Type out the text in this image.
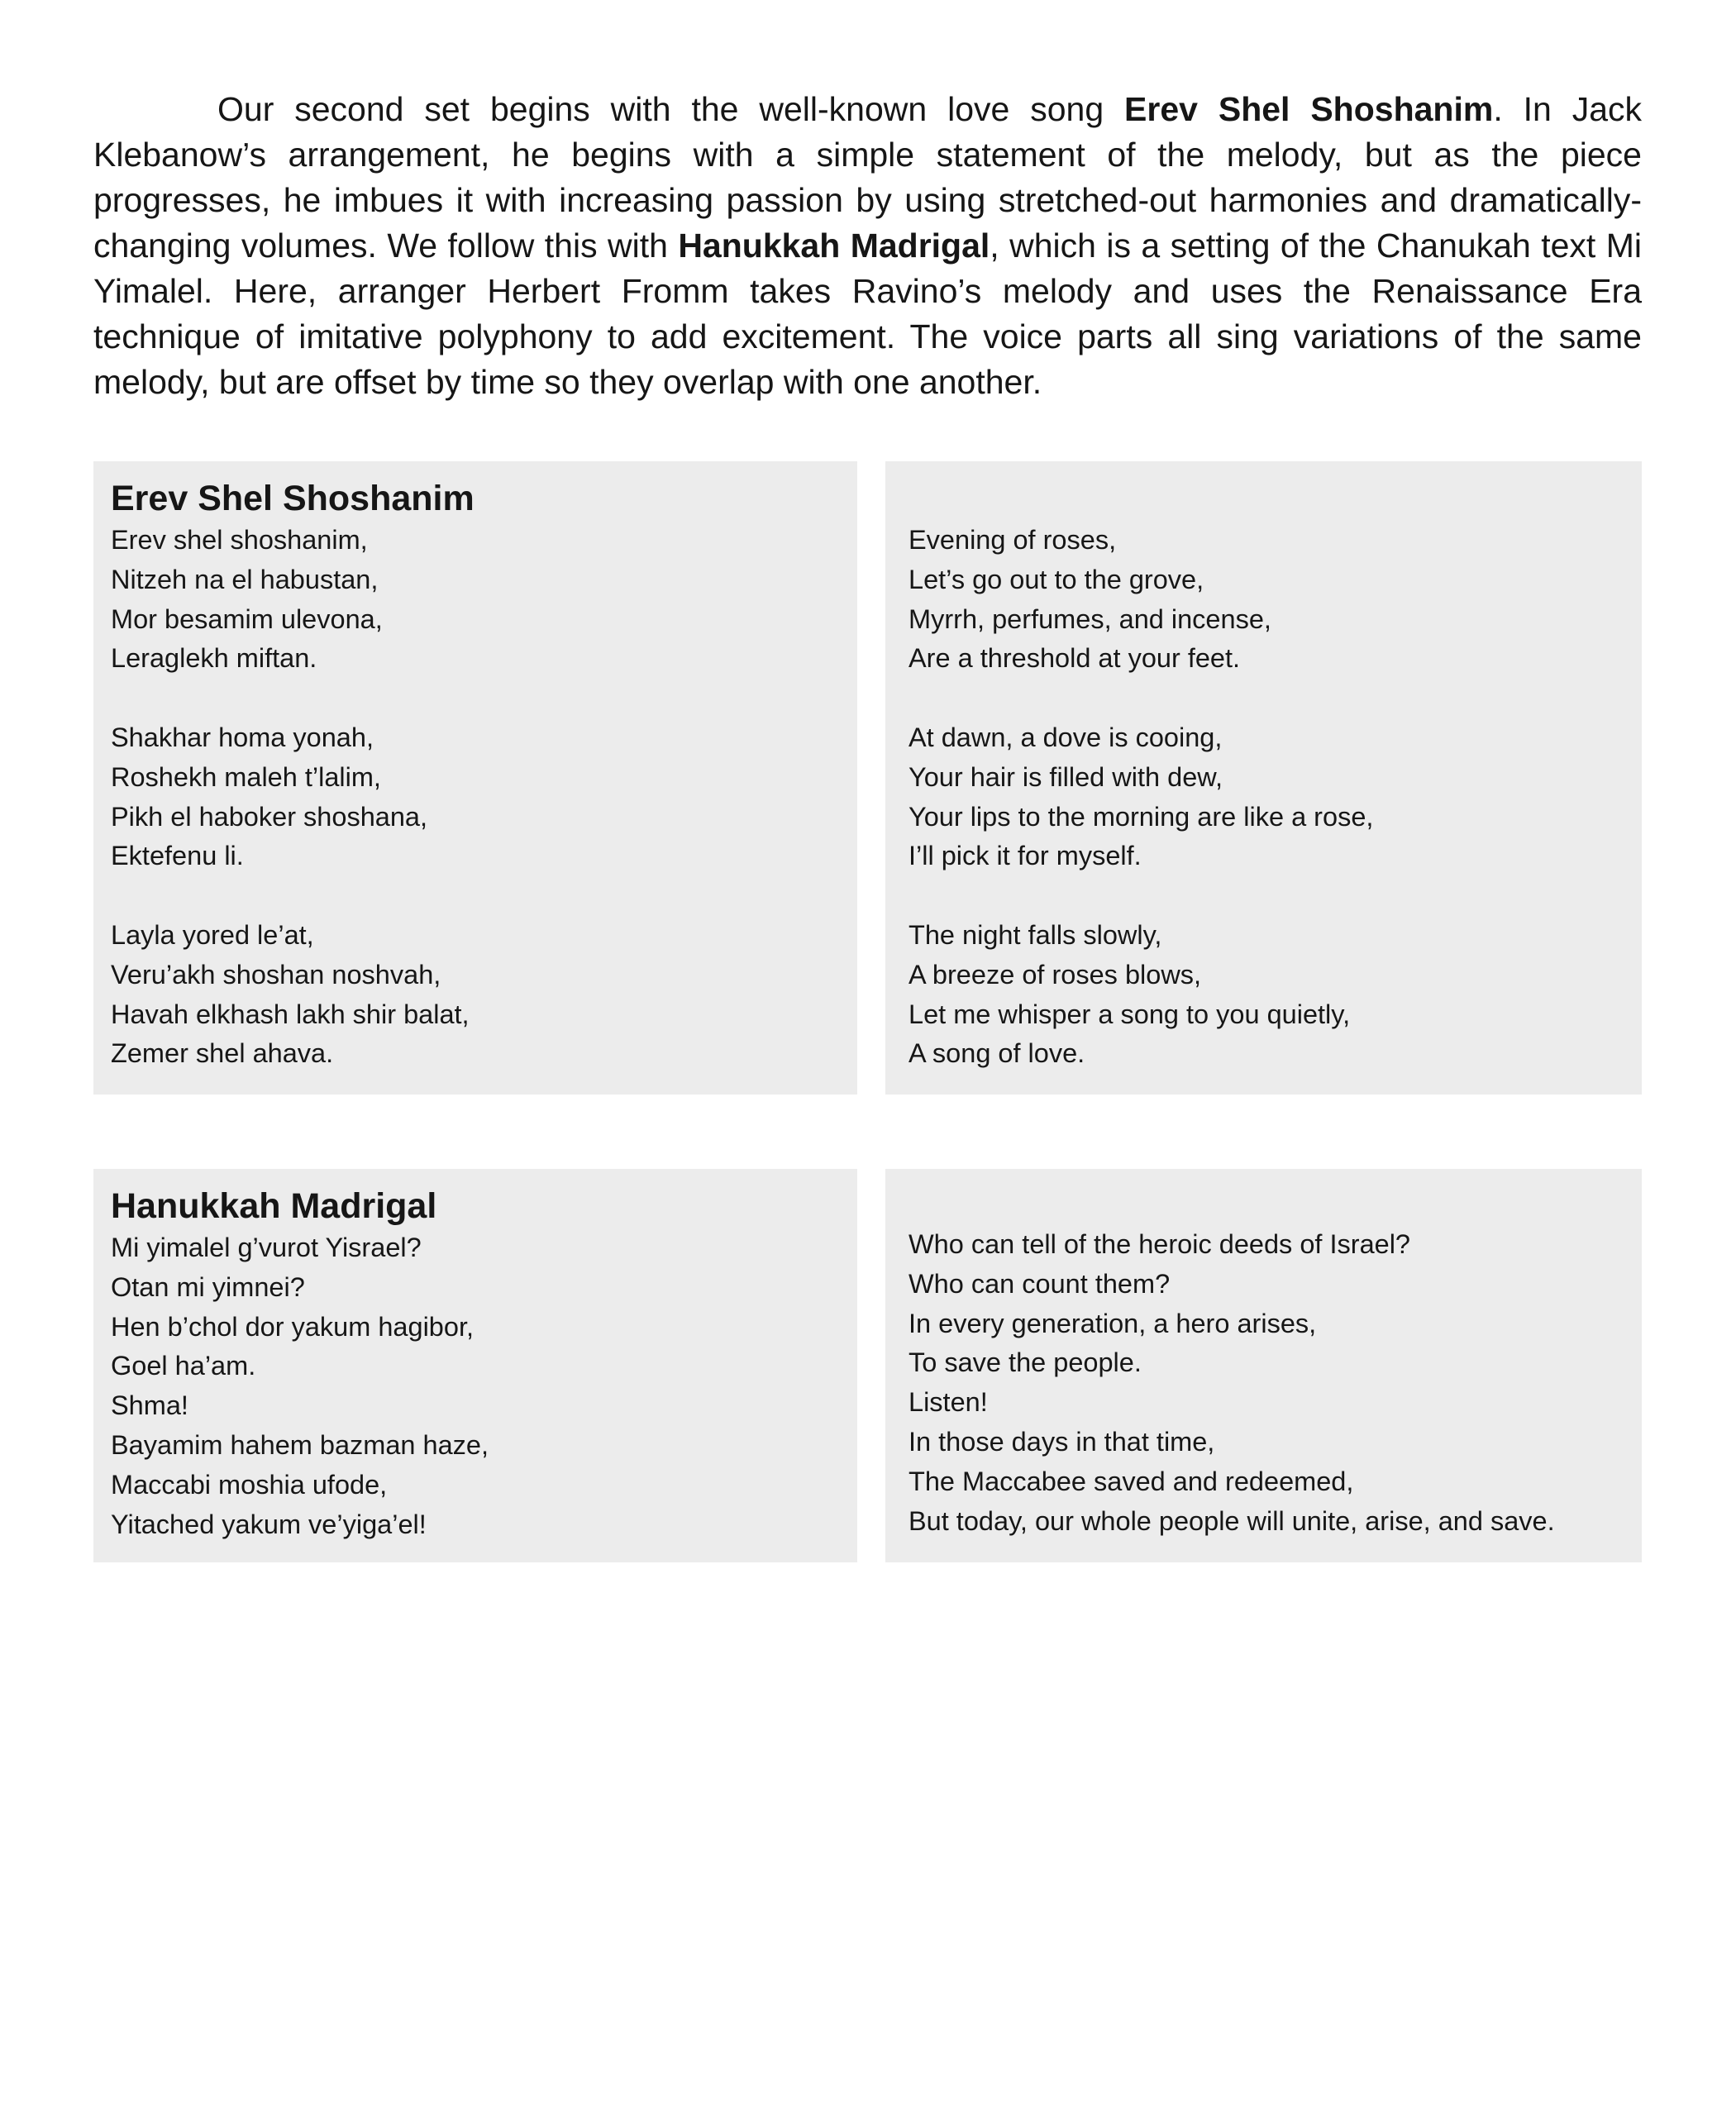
Our second set begins with the well-known love song Erev Shel Shoshanim. In Jack Klebanow’s arrangement, he begins with a simple statement of the melody, but as the piece progresses, he imbues it with increasing passion by using stretched-out harmonies and dramatically-changing volumes. We follow this with Hanukkah Madrigal, which is a setting of the Chanukah text Mi Yimalel. Here, arranger Herbert Fromm takes Ravino’s melody and uses the Renaissance Era technique of imitative polyphony to add excitement. The voice parts all sing variations of the same melody, but are offset by time so they overlap with one another.

Erev Shel Shoshanim
Erev shel shoshanim,
Nitzeh na el habustan,
Mor besamim ulevona,
Leraglekh miftan.
Shakhar homa yonah,
Roshekh maleh t’lalim,
Pikh el haboker shoshana,
Ektefenu li.
Layla yored le’at,
Veru’akh shoshan noshvah,
Havah elkhash lakh shir balat,
Zemer shel ahava.
Evening of roses,
Let’s go out to the grove,
Myrrh, perfumes, and incense,
Are a threshold at your feet.
At dawn, a dove is cooing,
Your hair is filled with dew,
Your lips to the morning are like a rose,
I’ll pick it for myself.
The night falls slowly,
A breeze of roses blows,
Let me whisper a song to you quietly,
A song of love.
Hanukkah Madrigal
Mi yimalel g’vurot Yisrael?
Otan mi yimnei?
Hen b’chol dor yakum hagibor,
Goel ha’am.
Shma!
Bayamim hahem bazman haze,
Maccabi moshia ufode,
Yitached yakum ve’yiga’el!
Who can tell of the heroic deeds of Israel?
Who can count them?
In every generation, a hero arises,
To save the people.
Listen!
In those days in that time,
The Maccabee saved and redeemed,
But today, our whole people will unite, arise, and save.
